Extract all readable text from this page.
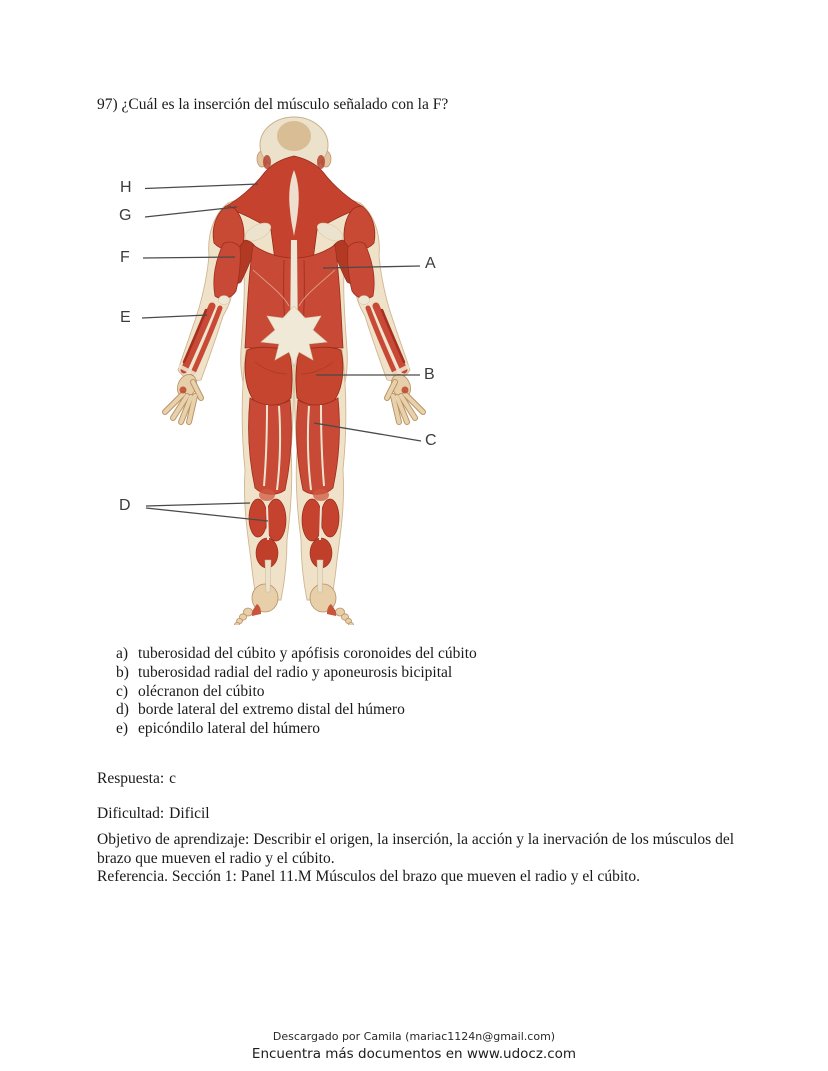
97) ¿Cuál es la inserción del músculo señalado con la F?
H
G
F
E
D
A
B
C
a) tuberosidad del cúbito y apófisis coronoides del cúbito
b) tuberosidad radial del radio y aponeurosis bicipital
c) olécranon del cúbito
d) borde lateral del extremo distal del húmero
e) epicóndilo lateral del húmero
Respuesta: c
Dificultad: Dificil
Objetivo de aprendizaje: Describir el origen, la inserción, la acción y la inervación de los músculos del brazo que mueven el radio y el cúbito.
Referencia. Sección 1: Panel 11.M Músculos del brazo que mueven el radio y el cúbito.
Descargado por Camila (mariac1124n@gmail.com)
Encuentra más documentos en www.udocz.com
